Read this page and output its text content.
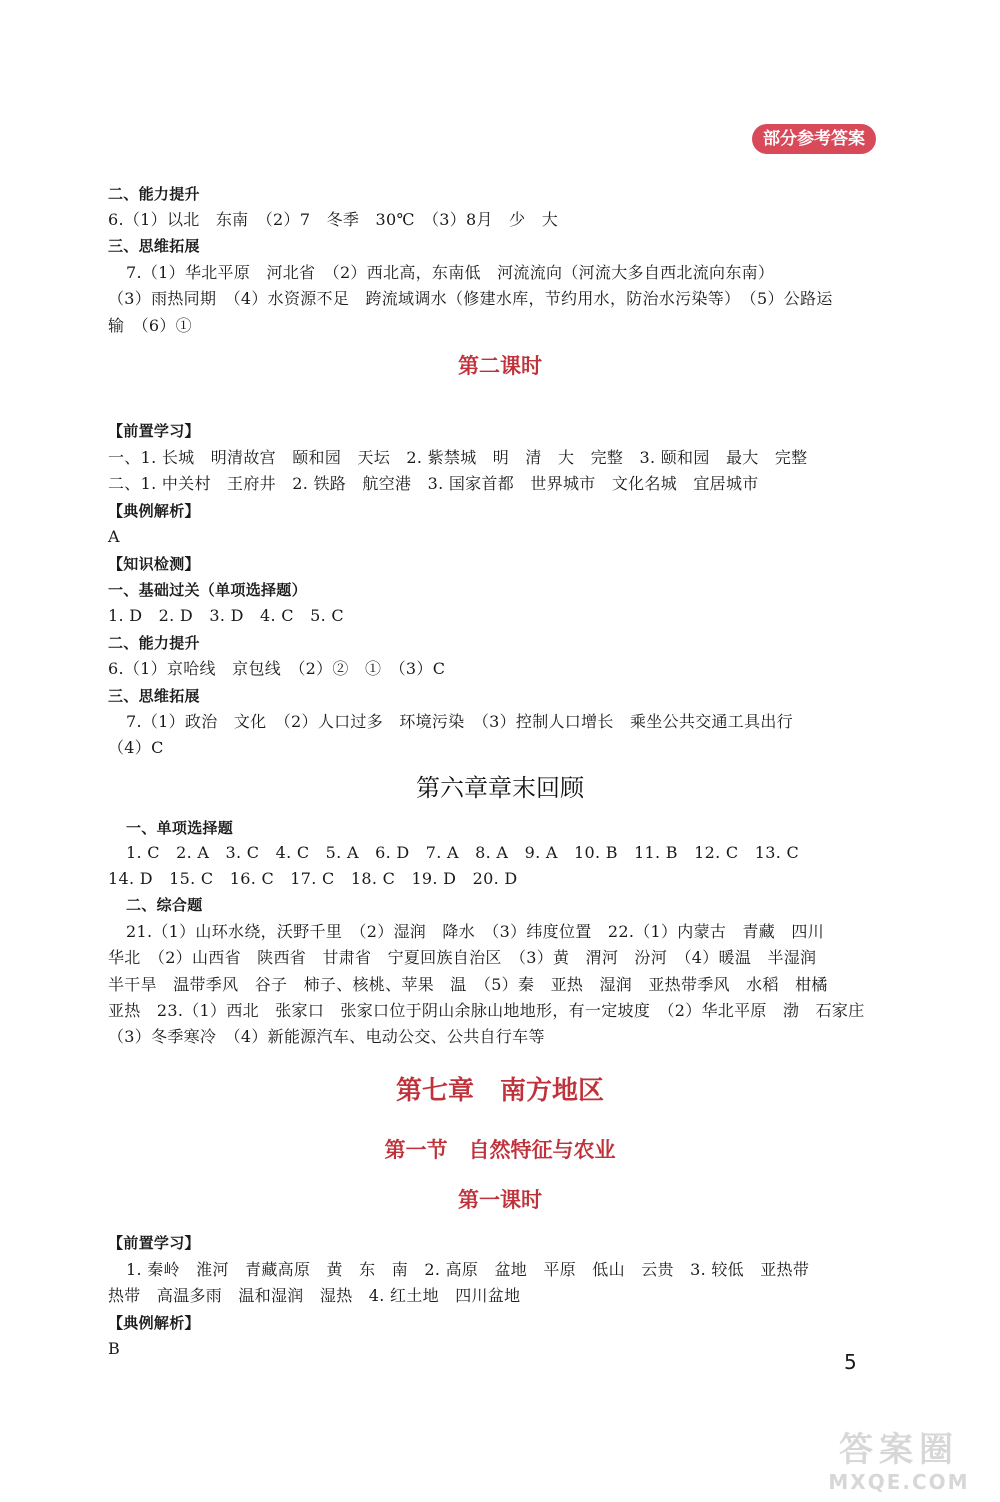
部分参考答案
二、能力提升
6.（1）以北　东南　（2）7　冬季　30℃　（3）8月　少　大
三、思维拓展
7.（1）华北平原　河北省　（2）西北高，东南低　河流流向（河流大多自西北流向东南）
（3）雨热同期　（4）水资源不足　跨流域调水（修建水库，节约用水，防治水污染等）　（5）公路运
输　（6）①
第二课时
【前置学习】
一、1. 长城　明清故宫　颐和园　天坛　2. 紫禁城　明　清　大　完整　3. 颐和园　最大　完整
二、1. 中关村　王府井　2. 铁路　航空港　3. 国家首都　世界城市　文化名城　宜居城市
【典例解析】
A
【知识检测】
一、基础过关（单项选择题）
1. D　2. D　3. D　4. C　5. C
二、能力提升
6.（1）京哈线　京包线　（2）②　①　（3）C
三、思维拓展
7.（1）政治　文化　（2）人口过多　环境污染　（3）控制人口增长　乘坐公共交通工具出行
（4）C
第六章章末回顾
一、单项选择题
1. C　2. A　3. C　4. C　5. A　6. D　7. A　8. A　9. A　10. B　11. B　12. C　13. C
14. D　15. C　16. C　17. C　18. C　19. D　20. D
二、综合题
21.（1）山环水绕，沃野千里　（2）湿润　降水　（3）纬度位置　22.（1）内蒙古　青藏　四川
华北　（2）山西省　陕西省　甘肃省　宁夏回族自治区　（3）黄　渭河　汾河　（4）暖温　半湿润
半干旱　温带季风　谷子　柿子、核桃、苹果　温　（5）秦　亚热　湿润　亚热带季风　水稻　柑橘
亚热　23.（1）西北　张家口　张家口位于阴山余脉山地地形，有一定坡度　（2）华北平原　渤　石家庄
（3）冬季寒冷　（4）新能源汽车、电动公交、公共自行车等
第七章　南方地区
第一节　自然特征与农业
第一课时
【前置学习】
1. 秦岭　淮河　青藏高原　黄　东　南　2. 高原　盆地　平原　低山　云贵　3. 较低　亚热带
热带　高温多雨　温和湿润　湿热　4. 红土地　四川盆地
【典例解析】
B
5
答案圈
MXQE.COM
